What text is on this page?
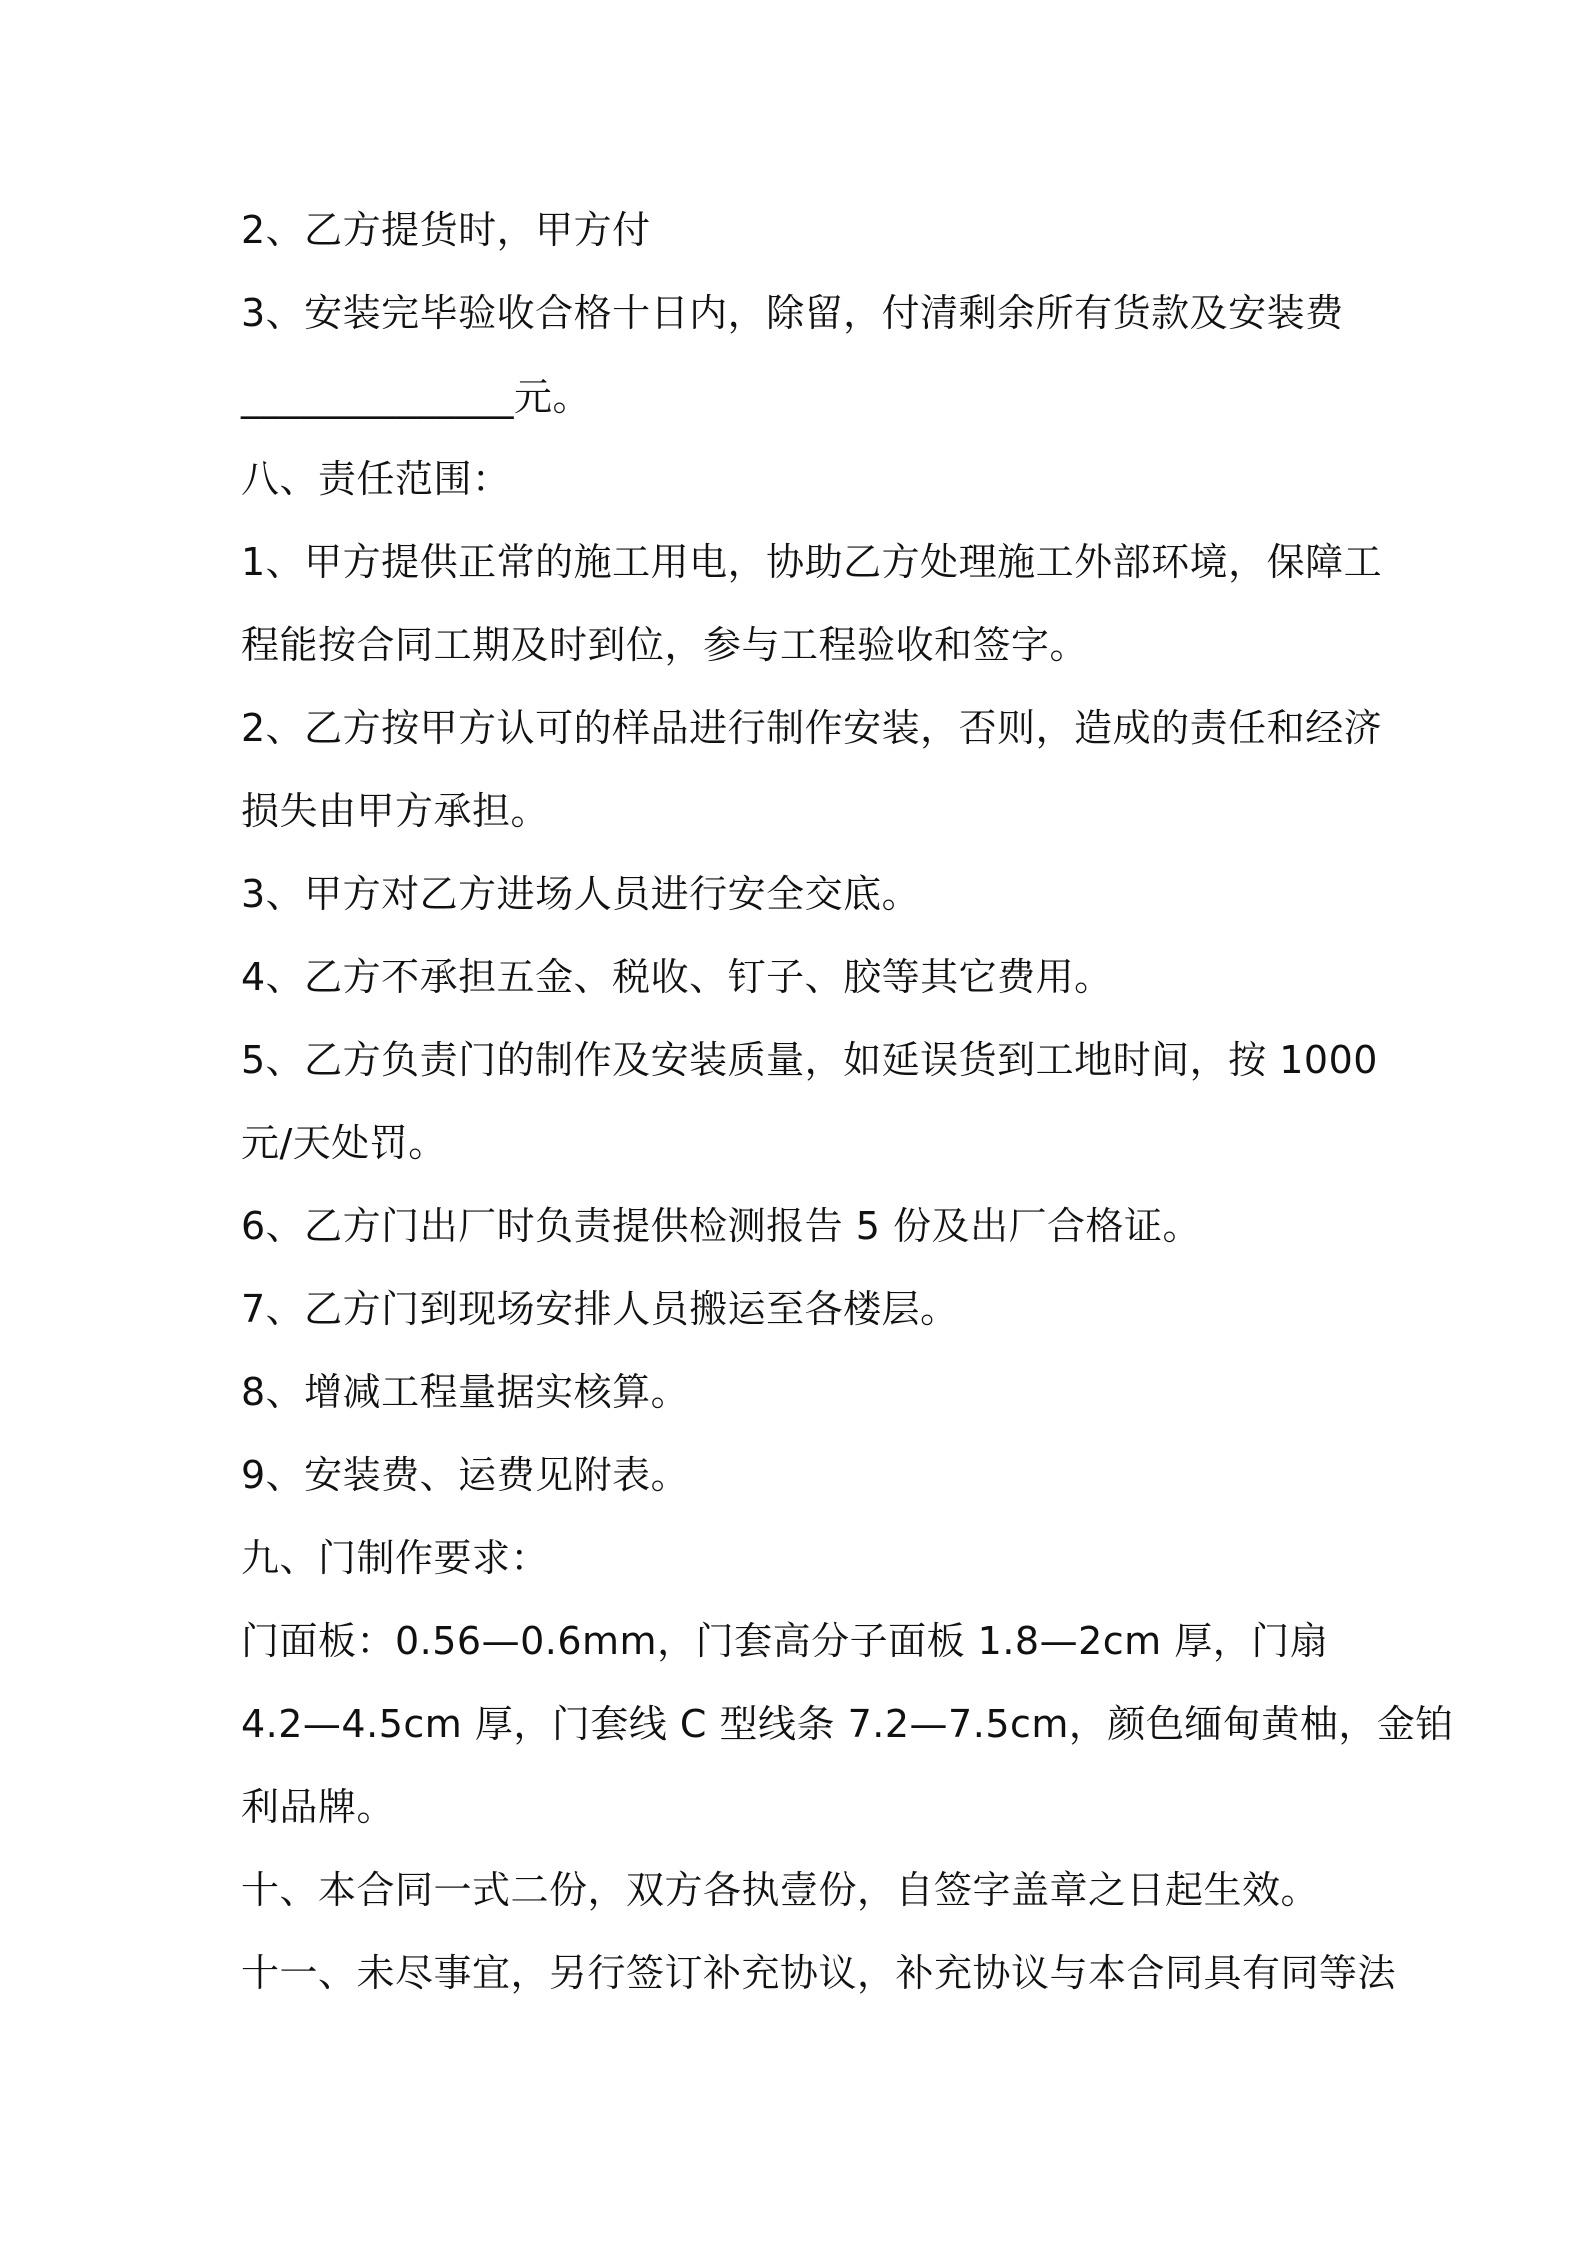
2、乙方提货时，甲方付
3、安装完毕验收合格十日内，除留，付清剩余所有货款及安装费
______________元。
八、责任范围：
1、甲方提供正常的施工用电，协助乙方处理施工外部环境，保障工
程能按合同工期及时到位，参与工程验收和签字。
2、乙方按甲方认可的样品进行制作安装，否则，造成的责任和经济
损失由甲方承担。
3、甲方对乙方进场人员进行安全交底。
4、乙方不承担五金、税收、钉子、胶等其它费用。
5、乙方负责门的制作及安装质量，如延误货到工地时间，按 1000
元/天处罚。
6、乙方门出厂时负责提供检测报告 5 份及出厂合格证。
7、乙方门到现场安排人员搬运至各楼层。
8、增减工程量据实核算。
9、安装费、运费见附表。
九、门制作要求：
门面板：0.56—0.6mm，门套高分子面板 1.8—2cm 厚，门扇
4.2—4.5cm 厚，门套线 C 型线条 7.2—7.5cm，颜色缅甸黄柚，金铂
利品牌。
十、本合同一式二份，双方各执壹份，自签字盖章之日起生效。
十一、未尽事宜，另行签订补充协议，补充协议与本合同具有同等法
